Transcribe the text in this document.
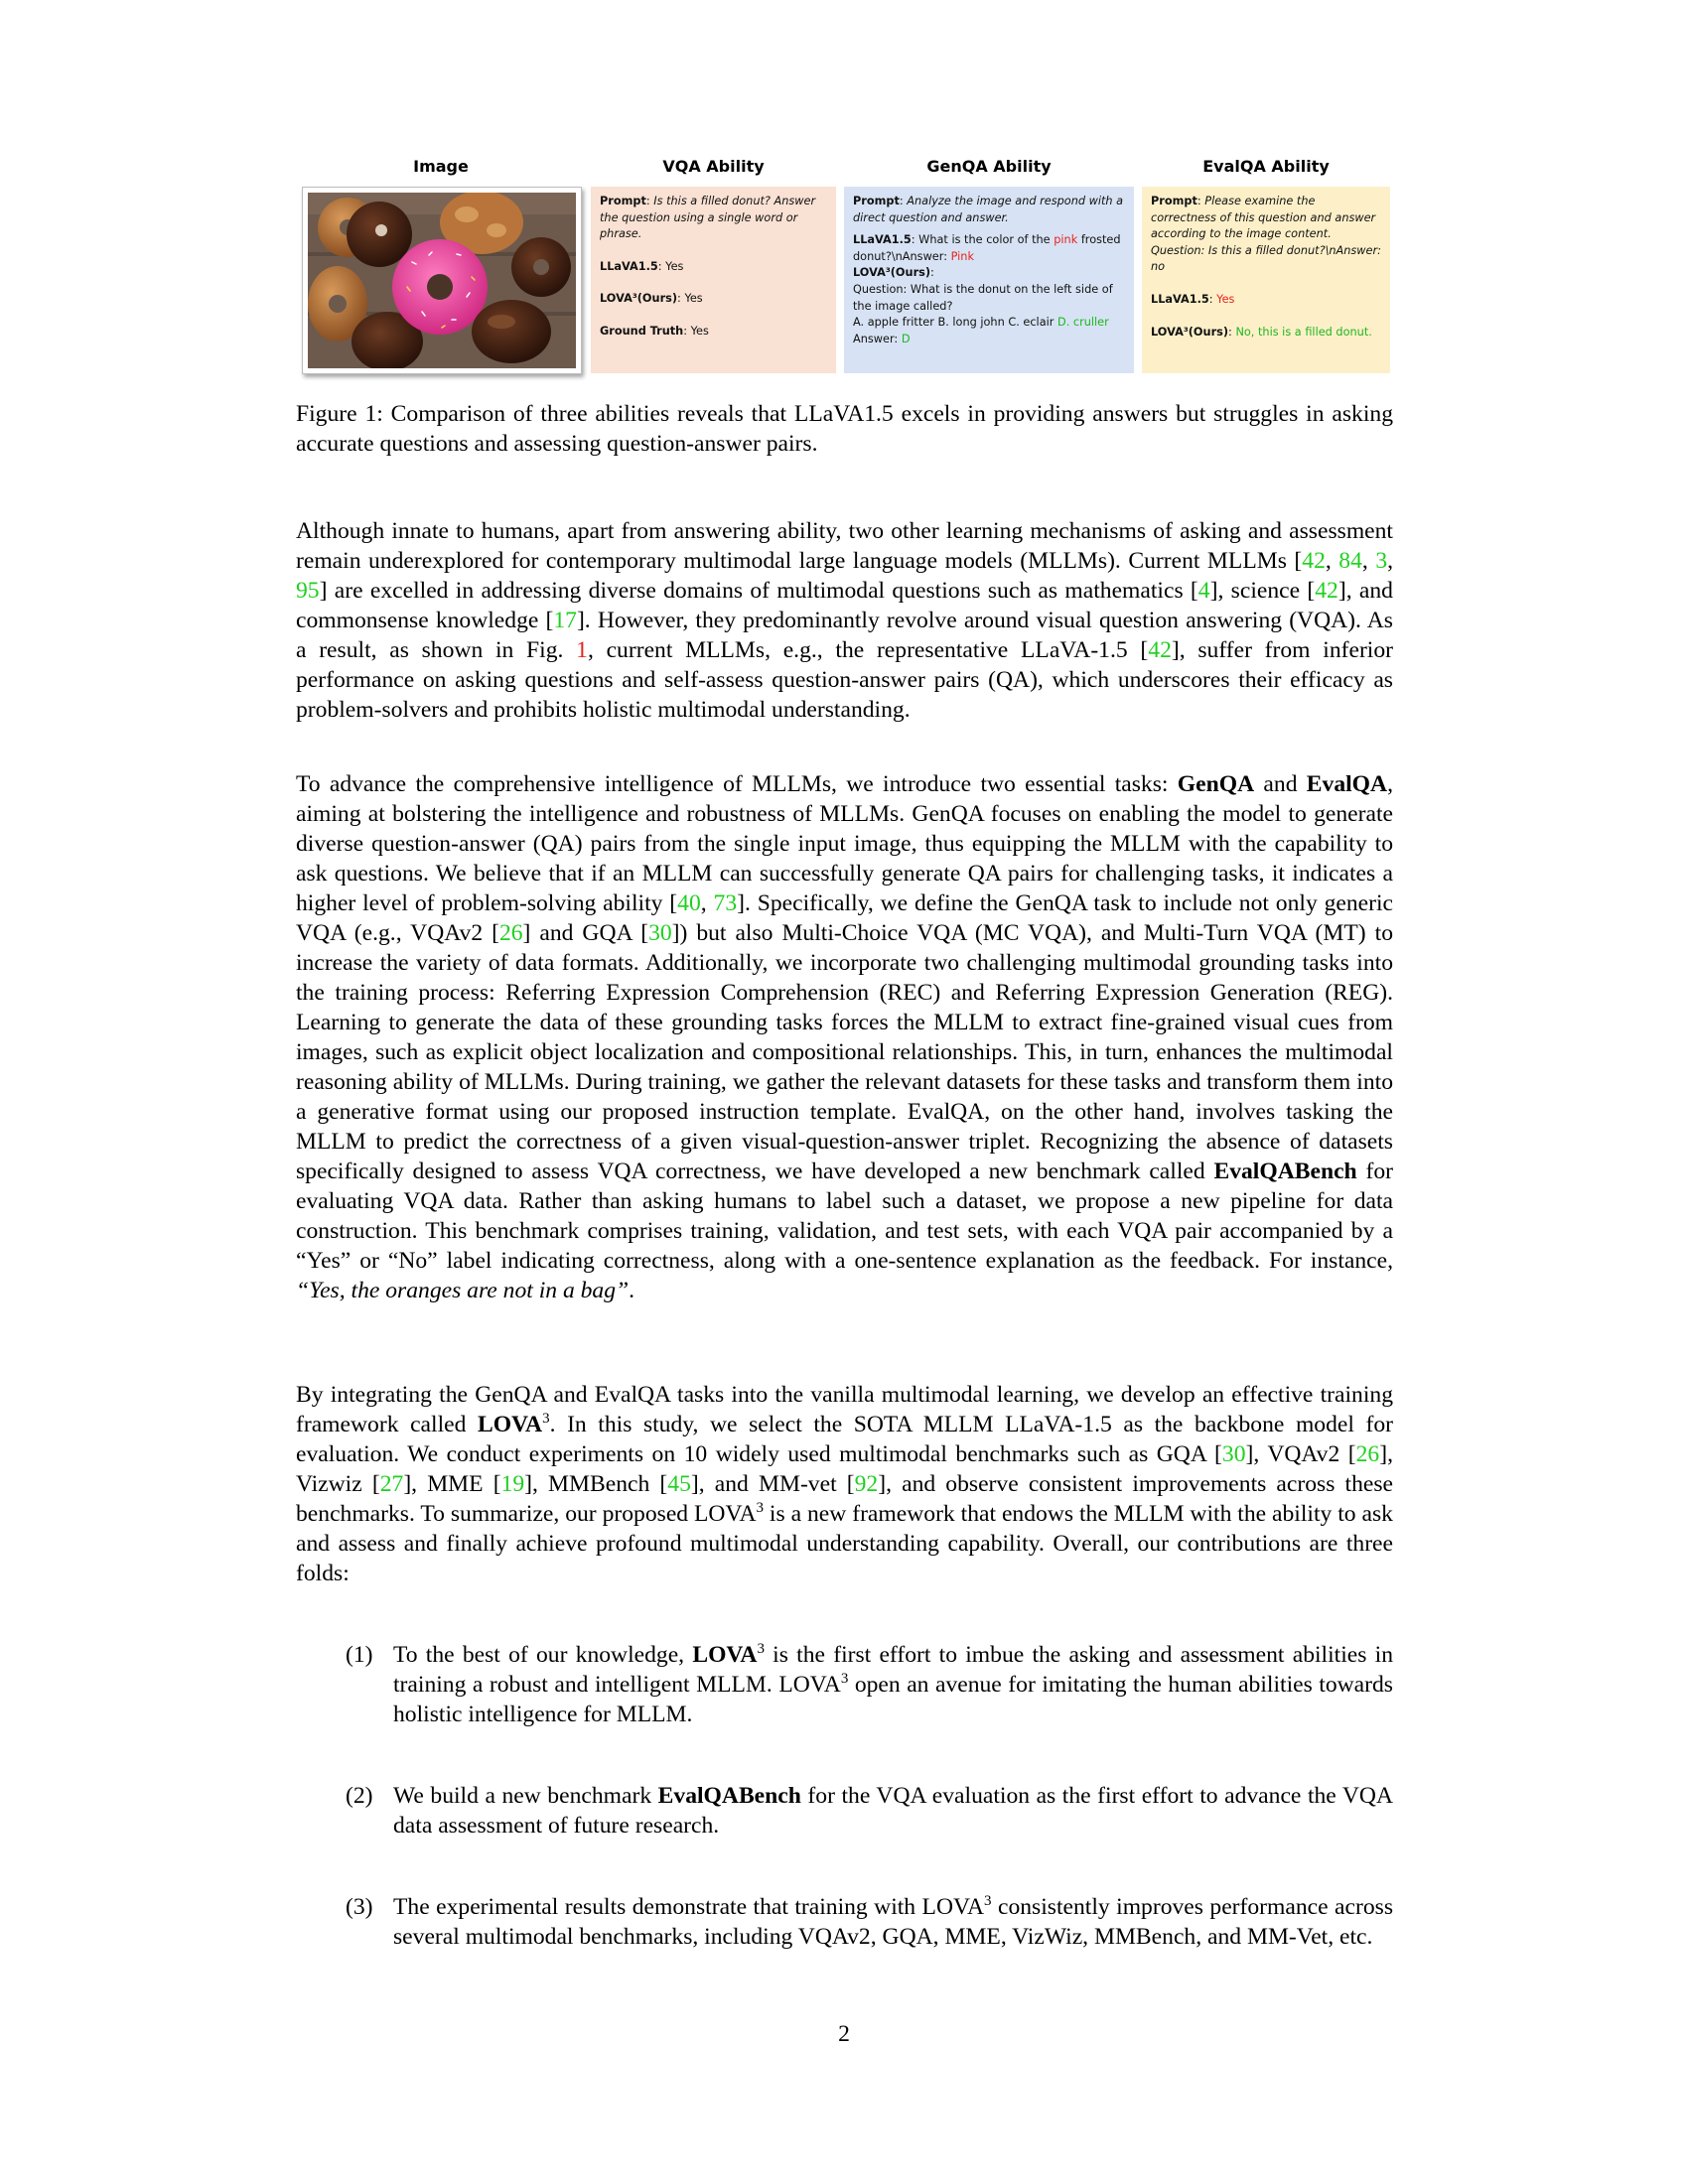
Image	VQA Ability	GenQA Ability	EvalQA Ability

Prompt: Is this a filled donut? Answer the question using a single word or phrase.

LLaVA1.5: Yes

LOVA³(Ours): Yes

Ground Truth: Yes

Prompt: Analyze the image and respond with a direct question and answer.

LLaVA1.5: What is the color of the pink frosted donut?\nAnswer: Pink

LOVA³(Ours):

Question: What is the donut on the left side of the image called?

A. apple fritter B. long john C. eclair D. cruller

Answer: D

Prompt: Please examine the correctness of this question and answer according to the image content. Question: Is this a filled donut?\nAnswer: no

LLaVA1.5: Yes

LOVA³(Ours): No, this is a filled donut.

Figure 1: Comparison of three abilities reveals that LLaVA1.5 excels in providing answers but struggles in asking accurate questions and assessing question-answer pairs.

Although innate to humans, apart from answering ability, two other learning mechanisms of asking and assessment remain underexplored for contemporary multimodal large language models (MLLMs). Current MLLMs [42, 84, 3, 95] are excelled in addressing diverse domains of multimodal questions such as mathematics [4], science [42], and commonsense knowledge [17]. However, they predominantly revolve around visual question answering (VQA). As a result, as shown in Fig. 1, current MLLMs, e.g., the representative LLaVA-1.5 [42], suffer from inferior performance on asking questions and self-assess question-answer pairs (QA), which underscores their efficacy as problem-solvers and prohibits holistic multimodal understanding.

To advance the comprehensive intelligence of MLLMs, we introduce two essential tasks: GenQA and EvalQA, aiming at bolstering the intelligence and robustness of MLLMs. GenQA focuses on enabling the model to generate diverse question-answer (QA) pairs from the single input image, thus equipping the MLLM with the capability to ask questions. We believe that if an MLLM can successfully generate QA pairs for challenging tasks, it indicates a higher level of problem-solving ability [40, 73]. Specifically, we define the GenQA task to include not only generic VQA (e.g., VQAv2 [26] and GQA [30]) but also Multi-Choice VQA (MC VQA), and Multi-Turn VQA (MT) to increase the variety of data formats. Additionally, we incorporate two challenging multimodal grounding tasks into the training process: Referring Expression Comprehension (REC) and Referring Expression Generation (REG). Learning to generate the data of these grounding tasks forces the MLLM to extract fine-grained visual cues from images, such as explicit object localization and compositional relationships. This, in turn, enhances the multimodal reasoning ability of MLLMs. During training, we gather the relevant datasets for these tasks and transform them into a generative format using our proposed instruction template. EvalQA, on the other hand, involves tasking the MLLM to predict the correctness of a given visual-question-answer triplet. Recognizing the absence of datasets specifically designed to assess VQA correctness, we have developed a new benchmark called EvalQABench for evaluating VQA data. Rather than asking humans to label such a dataset, we propose a new pipeline for data construction. This benchmark comprises training, validation, and test sets, with each VQA pair accompanied by a “Yes” or “No” label indicating correctness, along with a one-sentence explanation as the feedback. For instance, “Yes, the oranges are not in a bag”.

By integrating the GenQA and EvalQA tasks into the vanilla multimodal learning, we develop an effective training framework called LOVA$^3$. In this study, we select the SOTA MLLM LLaVA-1.5 as the backbone model for evaluation. We conduct experiments on 10 widely used multimodal benchmarks such as GQA [30], VQAv2 [26], Vizwiz [27], MME [19], MMBench [45], and MM-vet [92], and observe consistent improvements across these benchmarks. To summarize, our proposed LOVA$^3$ is a new framework that endows the MLLM with the ability to ask and assess and finally achieve profound multimodal understanding capability. Overall, our contributions are three folds:

(1) To the best of our knowledge, LOVA$^3$ is the first effort to imbue the asking and assessment abilities in training a robust and intelligent MLLM. LOVA$^3$ open an avenue for imitating the human abilities towards holistic intelligence for MLLM.
(2) We build a new benchmark EvalQABench for the VQA evaluation as the first effort to advance the VQA data assessment of future research.
(3) The experimental results demonstrate that training with LOVA$^3$ consistently improves performance across several multimodal benchmarks, including VQAv2, GQA, MME, VizWiz, MMBench, and MM-Vet, etc.
2
